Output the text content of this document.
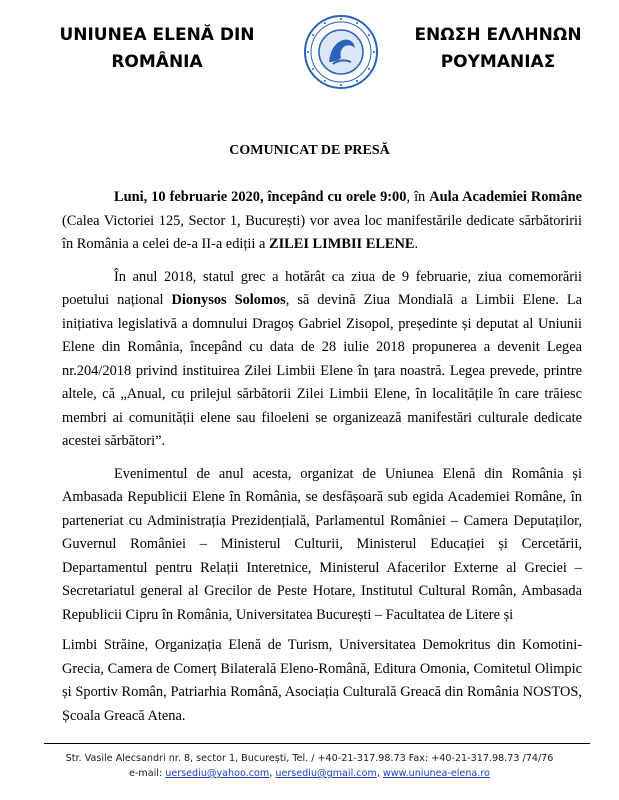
UNIUNEA ELENĂ DIN
ROMÂNIA
ΕΝΩΣΗ ΕΛΛΗΝΩΝ
ΡΟΥΜΑΝΙΑΣ
COMUNICAT DE PRESĂ

Luni, 10 februarie 2020, începând cu orele 9:00, în Aula Academiei Române (Calea Victoriei 125, Sector 1, București) vor avea loc manifestările dedicate sărbătoririi în România a celei de-a II-a ediții a ZILEI LIMBII ELENE.

În anul 2018, statul grec a hotărât ca ziua de 9 februarie, ziua comemorării poetului național Dionysos Solomos, să devină Ziua Mondială a Limbii Elene. La inițiativa legislativă a domnului Dragoș Gabriel Zisopol, președinte și deputat al Uniunii Elene din România, începând cu data de 28 iulie 2018 propunerea a devenit Legea nr.204/2018 privind instituirea Zilei Limbii Elene în țara noastră. Legea prevede, printre altele, că „Anual, cu prilejul sărbătorii Zilei Limbii Elene, în localitățile în care trăiesc membri ai comunității elene sau filoeleni se organizează manifestări culturale dedicate acestei sărbători”.

Evenimentul de anul acesta, organizat de Uniunea Elenă din România și Ambasada Republicii Elene în România, se desfășoară sub egida Academiei Române, în parteneriat cu Administrația Prezidențială, Parlamentul României – Camera Deputaților, Guvernul României – Ministerul Culturii, Ministerul Educației și Cercetării, Departamentul pentru Relații Interetnice, Ministerul Afacerilor Externe al Greciei – Secretariatul general al Grecilor de Peste Hotare, Institutul Cultural Român, Ambasada Republicii Cipru în România, Universitatea București – Facultatea de Litere și

Limbi Străine, Organizația Elenă de Turism, Universitatea Demokritus din Komotini-Grecia, Camera de Comerț Bilaterală Eleno-Română, Editura Omonia, Comitetul Olimpic și Sportiv Român, Patriarhia Română, Asociația Culturală Greacă din România NOSTOS, Școala Greacă Atena.

Str. Vasile Alecsandri nr. 8, sector 1, București, Tel. / +40-21-317.98.73 Fax: +40-21-317.98.73 /74/76
e-mail: uersediu@yahoo.com, uersediu@gmail.com, www.uniunea-elena.ro
